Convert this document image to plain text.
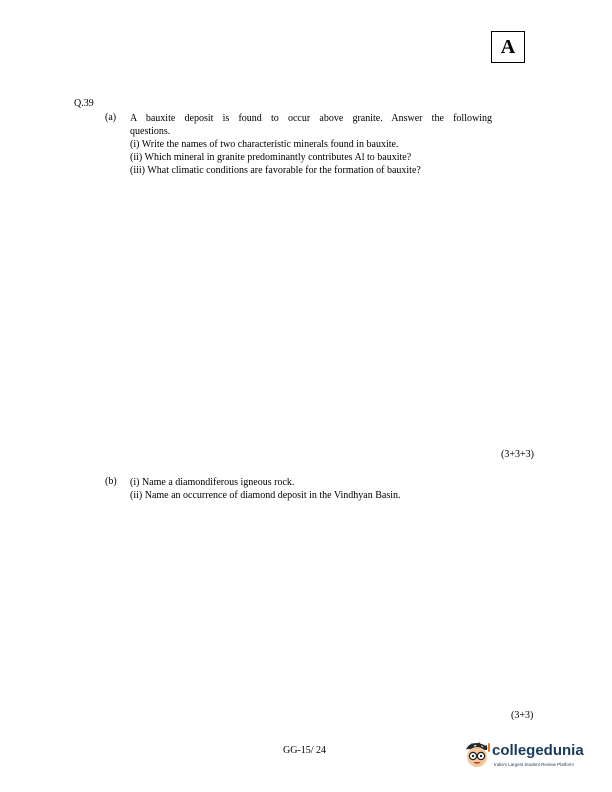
A
Q.39
(a) A bauxite deposit is found to occur above granite. Answer the following
questions.
(i) Write the names of two characteristic minerals found in bauxite.
(ii) Which mineral in granite predominantly contributes Al to bauxite?
(iii) What climatic conditions are favorable for the formation of bauxite?
(3+3+3)
(b) (i) Name a diamondiferous igneous rock.
(ii) Name an occurrence of diamond deposit in the Vindhyan Basin.
(3+3)
GG-15/ 24	collegedunia
India's Largest Student Review Platform
